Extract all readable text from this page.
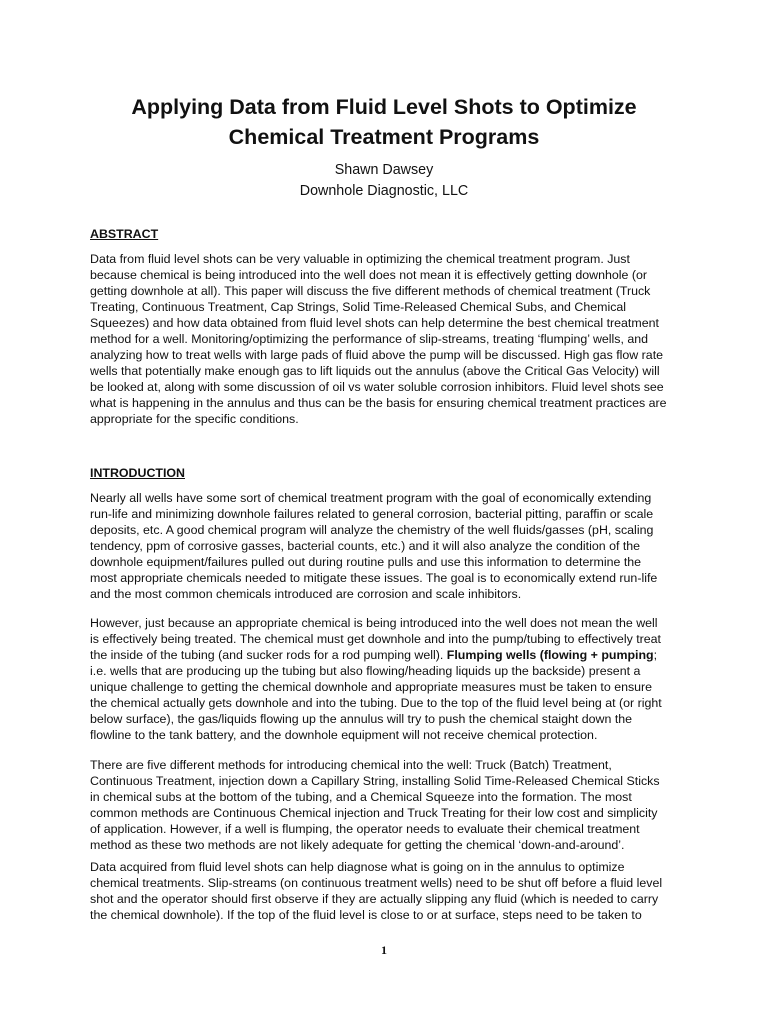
Applying Data from Fluid Level Shots to Optimize
Chemical Treatment Programs
Shawn Dawsey
Downhole Diagnostic, LLC
ABSTRACT
Data from fluid level shots can be very valuable in optimizing the chemical treatment program. Just
because chemical is being introduced into the well does not mean it is effectively getting downhole (or
getting downhole at all). This paper will discuss the five different methods of chemical treatment (Truck
Treating, Continuous Treatment, Cap Strings, Solid Time-Released Chemical Subs, and Chemical
Squeezes) and how data obtained from fluid level shots can help determine the best chemical treatment
method for a well. Monitoring/optimizing the performance of slip-streams, treating ‘flumping’ wells, and
analyzing how to treat wells with large pads of fluid above the pump will be discussed. High gas flow rate
wells that potentially make enough gas to lift liquids out the annulus (above the Critical Gas Velocity) will
be looked at, along with some discussion of oil vs water soluble corrosion inhibitors. Fluid level shots see
what is happening in the annulus and thus can be the basis for ensuring chemical treatment practices are
appropriate for the specific conditions.
INTRODUCTION
Nearly all wells have some sort of chemical treatment program with the goal of economically extending
run-life and minimizing downhole failures related to general corrosion, bacterial pitting, paraffin or scale
deposits, etc. A good chemical program will analyze the chemistry of the well fluids/gasses (pH, scaling
tendency, ppm of corrosive gasses, bacterial counts, etc.) and it will also analyze the condition of the
downhole equipment/failures pulled out during routine pulls and use this information to determine the
most appropriate chemicals needed to mitigate these issues. The goal is to economically extend run-life
and the most common chemicals introduced are corrosion and scale inhibitors.
However, just because an appropriate chemical is being introduced into the well does not mean the well
is effectively being treated. The chemical must get downhole and into the pump/tubing to effectively treat
the inside of the tubing (and sucker rods for a rod pumping well). Flumping wells (flowing + pumping;
i.e. wells that are producing up the tubing but also flowing/heading liquids up the backside) present a
unique challenge to getting the chemical downhole and appropriate measures must be taken to ensure
the chemical actually gets downhole and into the tubing. Due to the top of the fluid level being at (or right
below surface), the gas/liquids flowing up the annulus will try to push the chemical staight down the
flowline to the tank battery, and the downhole equipment will not receive chemical protection.
There are five different methods for introducing chemical into the well: Truck (Batch) Treatment,
Continuous Treatment, injection down a Capillary String, installing Solid Time-Released Chemical Sticks
in chemical subs at the bottom of the tubing, and a Chemical Squeeze into the formation. The most
common methods are Continuous Chemical injection and Truck Treating for their low cost and simplicity
of application. However, if a well is flumping, the operator needs to evaluate their chemical treatment
method as these two methods are not likely adequate for getting the chemical ‘down-and-around’.
Data acquired from fluid level shots can help diagnose what is going on in the annulus to optimize
chemical treatments. Slip-streams (on continuous treatment wells) need to be shut off before a fluid level
shot and the operator should first observe if they are actually slipping any fluid (which is needed to carry
the chemical downhole). If the top of the fluid level is close to or at surface, steps need to be taken to
1
